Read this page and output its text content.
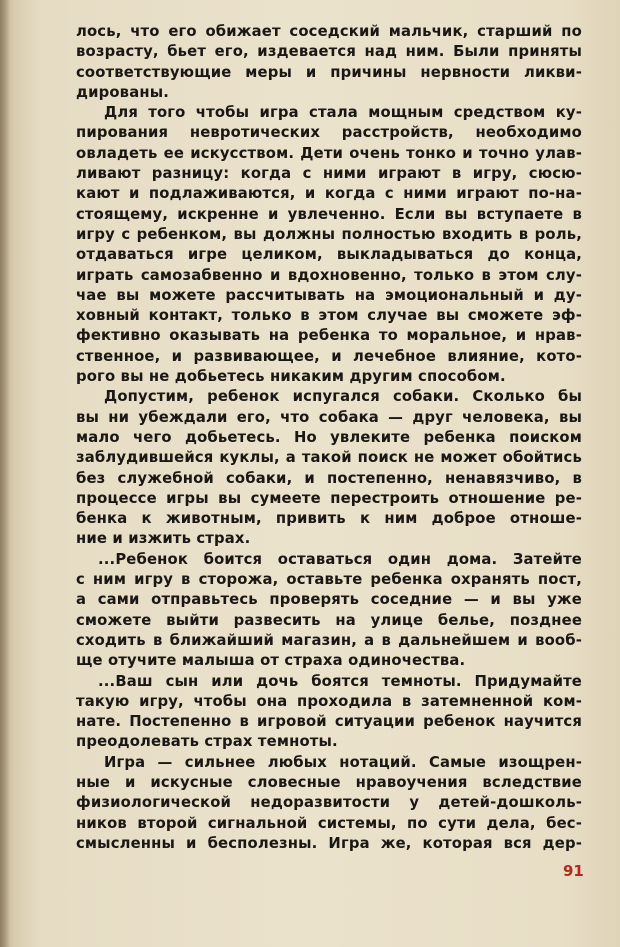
лось, что его обижает соседский мальчик, старший по
возрасту, бьет его, издевается над ним. Были приняты
соответствующие меры и причины нервности ликви-
дированы.
Для того чтобы игра стала мощным средством ку-
пирования невротических расстройств, необходимо
овладеть ее искусством. Дети очень тонко и точно улав-
ливают разницу: когда с ними играют в игру, сюсю-
кают и подлаживаются, и когда с ними играют по-на-
стоящему, искренне и увлеченно. Если вы вступаете в
игру с ребенком, вы должны полностью входить в роль,
отдаваться игре целиком, выкладываться до конца,
играть самозабвенно и вдохновенно, только в этом слу-
чае вы можете рассчитывать на эмоциональный и ду-
ховный контакт, только в этом случае вы сможете эф-
фективно оказывать на ребенка то моральное, и нрав-
ственное, и развивающее, и лечебное влияние, кото-
рого вы не добьетесь никаким другим способом.
Допустим, ребенок испугался собаки. Сколько бы
вы ни убеждали его, что собака — друг человека, вы
мало чего добьетесь. Но увлеките ребенка поиском
заблудившейся куклы, а такой поиск не может обойтись
без служебной собаки, и постепенно, ненавязчиво, в
процессе игры вы сумеете перестроить отношение ре-
бенка к животным, привить к ним доброе отноше-
ние и изжить страх.
...Ребенок боится оставаться один дома. Затейте
с ним игру в сторожа, оставьте ребенка охранять пост,
а сами отправьтесь проверять соседние — и вы уже
сможете выйти развесить на улице белье, позднее
сходить в ближайший магазин, а в дальнейшем и вооб-
ще отучите малыша от страха одиночества.
...Ваш сын или дочь боятся темноты. Придумайте
такую игру, чтобы она проходила в затемненной ком-
нате. Постепенно в игровой ситуации ребенок научится
преодолевать страх темноты.
Игра — сильнее любых нотаций. Самые изощрен-
ные и искусные словесные нравоучения вследствие
физиологической недоразвитости у детей-дошколь-
ников второй сигнальной системы, по сути дела, бес-
смысленны и бесполезны. Игра же, которая вся дер-
91
